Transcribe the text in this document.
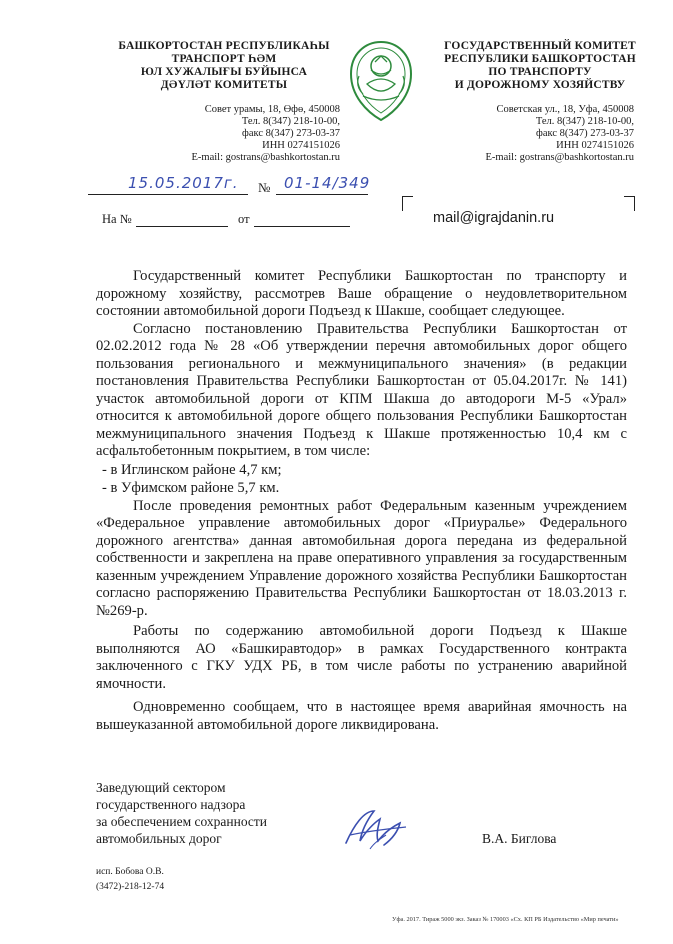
БАШКОРТОСТАН РЕСПУБЛИКАҺЫ
ТРАНСПОРТ ҺӘМ
ЮЛ ХУЖАЛЫҒЫ БУЙЫНСА
ДӘҮЛӘТ КОМИТЕТЫ
Совет урамы, 18, Өфө, 450008
Тел. 8(347) 218-10-00,
факс 8(347) 273-03-37
ИНН 0274151026
E-mail: gostrans@bashkortostan.ru
ГОСУДАРСТВЕННЫЙ КОМИТЕТ
РЕСПУБЛИКИ БАШКОРТОСТАН
ПО ТРАНСПОРТУ
И ДОРОЖНОМУ ХОЗЯЙСТВУ
Советская ул., 18, Уфа, 450008
Тел. 8(347) 218-10-00,
факс 8(347) 273-03-37
ИНН 0274151026
E-mail: gostrans@bashkortostan.ru
15.05.2017г. № 01-14/349
На №	от	mail@igrajdanin.ru

Государственный комитет Республики Башкортостан по транспорту и дорожному хозяйству, рассмотрев Ваше обращение о неудовлетворительном состоянии автомобильной дороги Подъезд к Шакше, сообщает следующее.

Согласно постановлению Правительства Республики Башкортостан от 02.02.2012 года № 28 «Об утверждении перечня автомобильных дорог общего пользования регионального и межмуниципального значения» (в редакции постановления Правительства Республики Башкортостан от 05.04.2017г. № 141) участок автомобильной дороги от КПМ Шакша до автодороги М-5 «Урал» относится к автомобильной дороге общего пользования Республики Башкортостан межмуниципального значения Подъезд к Шакше протяженностью 10,4 км с асфальтобетонным покрытием, в том числе:

- в Иглинском районе 4,7 км;

- в Уфимском районе 5,7 км.

После проведения ремонтных работ Федеральным казенным учреждением «Федеральное управление автомобильных дорог «Приуралье» Федерального дорожного агентства» данная автомобильная дорога передана из федеральной собственности и закреплена на праве оперативного управления за государственным казенным учреждением Управление дорожного хозяйства Республики Башкортостан согласно распоряжению Правительства Республики Башкортостан от 18.03.2013 г. №269-р.

Работы по содержанию автомобильной дороги Подъезд к Шакше выполняются АО «Башкиравтодор» в рамках Государственного контракта заключенного с ГКУ УДХ РБ, в том числе работы по устранению аварийной ямочности.

Одновременно сообщаем, что в настоящее время аварийная ямочность на вышеуказанной автомобильной дороге ликвидирована.

Заведующий сектором
государственного надзора
за обеспечением сохранности
автомобильных дорог	В.А. Биглова
исп. Бобова О.В.
(3472)-218-12-74
Уфа. 2017. Тираж 5000 экз. Заказ № 170003 «Сх. КП РБ Издательство «Мир печати»
